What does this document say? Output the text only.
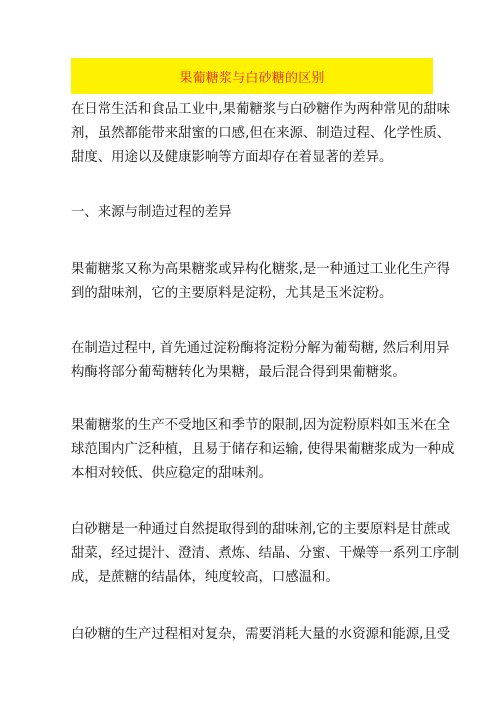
果葡糖浆与白砂糖的区别

在日常生活和食品工业中,果葡糖浆与白砂糖作为两种常见的甜味
剂，虽然都能带来甜蜜的口感,但在来源、制造过程、化学性质、
甜度、用途以及健康影响等方面却存在着显著的差异。

一、来源与制造过程的差异

果葡糖浆又称为高果糖浆或异构化糖浆,是一种通过工业化生产得
到的甜味剂，它的主要原料是淀粉，尤其是玉米淀粉。

在制造过程中, 首先通过淀粉酶将淀粉分解为葡萄糖, 然后利用异
构酶将部分葡萄糖转化为果糖，最后混合得到果葡糖浆。

果葡糖浆的生产不受地区和季节的限制,因为淀粉原料如玉米在全
球范围内广泛种植，且易于储存和运输, 使得果葡糖浆成为一种成
本相对较低、供应稳定的甜味剂。

白砂糖是一种通过自然提取得到的甜味剂,它的主要原料是甘蔗或
甜菜，经过提汁、澄清、煮炼、结晶、分蜜、干燥等一系列工序制
成，是蔗糖的结晶体，纯度较高，口感温和。

白砂糖的生产过程相对复杂，需要消耗大量的水资源和能源,且受
